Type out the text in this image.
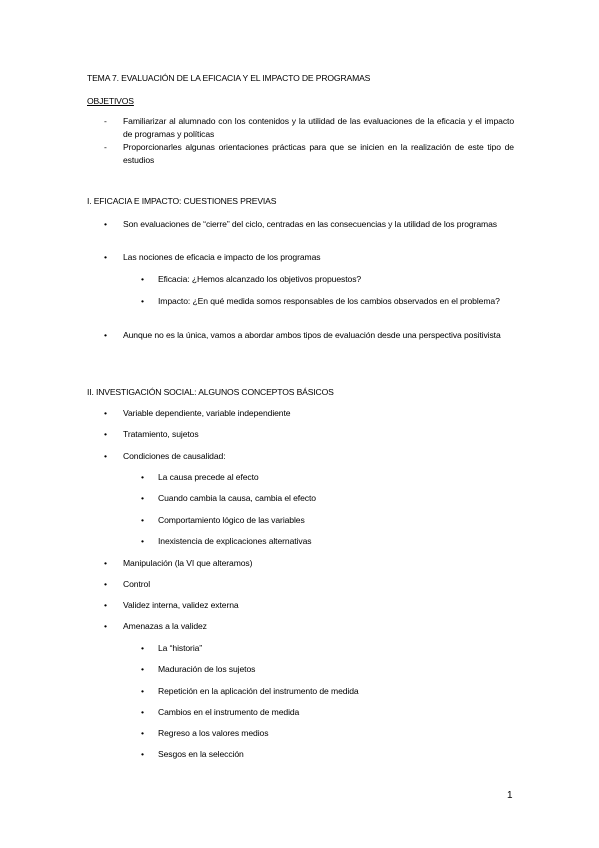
TEMA 7. EVALUACIÓN DE LA EFICACIA Y EL IMPACTO DE PROGRAMAS
OBJETIVOS
- Familiarizar al alumnado con los contenidos y la utilidad de las evaluaciones de la eficacia y el impacto de programas y políticas
- Proporcionarles algunas orientaciones prácticas para que se inicien en la realización de este tipo de estudios
I. EFICACIA E IMPACTO: CUESTIONES PREVIAS
• Son evaluaciones de “cierre” del ciclo, centradas en las consecuencias y la utilidad de los programas
• Las nociones de eficacia e impacto de los programas
• Eficacia: ¿Hemos alcanzado los objetivos propuestos?
• Impacto: ¿En qué medida somos responsables de los cambios observados en el problema?
• Aunque no es la única, vamos a abordar ambos tipos de evaluación desde una perspectiva positivista
II. INVESTIGACIÓN SOCIAL: ALGUNOS CONCEPTOS BÁSICOS
• Variable dependiente, variable independiente
• Tratamiento, sujetos
• Condiciones de causalidad:
• La causa precede al efecto
• Cuando cambia la causa, cambia el efecto
• Comportamiento lógico de las variables
• Inexistencia de explicaciones alternativas
• Manipulación (la VI que alteramos)
• Control
• Validez interna, validez externa
• Amenazas a la validez
• La “historia”
• Maduración de los sujetos
• Repetición en la aplicación del instrumento de medida
• Cambios en el instrumento de medida
• Regreso a los valores medios
• Sesgos en la selección
1
